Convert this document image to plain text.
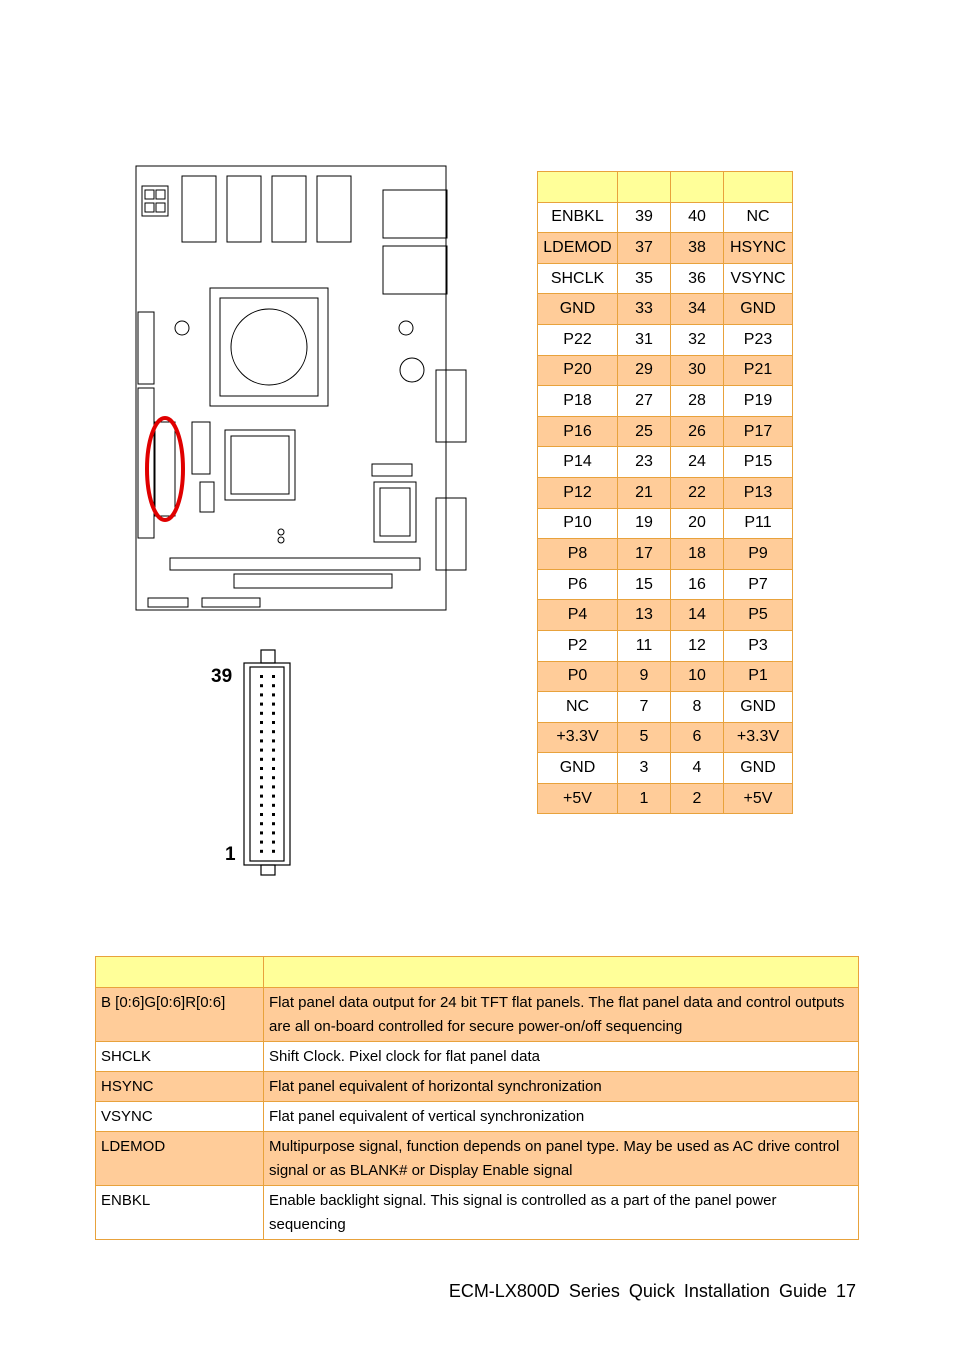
39
1

ENBKL	39	40	NC
LDEMOD	37	38	HSYNC
SHCLK	35	36	VSYNC
GND	33	34	GND
P22	31	32	P23
P20	29	30	P21
P18	27	28	P19
P16	25	26	P17
P14	23	24	P15
P12	21	22	P13
P10	19	20	P11
P8	17	18	P9
P6	15	16	P7
P4	13	14	P5
P2	11	12	P3
P0	9	10	P1
NC	7	8	GND
+3.3V	5	6	+3.3V
GND	3	4	GND
+5V	1	2	+5V

B [0:6]G[0:6]R[0:6]	Flat panel data output for 24 bit TFT flat panels. The flat panel data and control outputs are all on-board controlled for secure power-on/off sequencing
SHCLK	Shift Clock. Pixel clock for flat panel data
HSYNC	Flat panel equivalent of horizontal synchronization
VSYNC	Flat panel equivalent of vertical synchronization
LDEMOD	Multipurpose signal, function depends on panel type. May be used as AC drive control signal or as BLANK# or Display Enable signal
ENBKL	Enable backlight signal. This signal is controlled as a part of the panel power sequencing
ECM-LX800D Series Quick Installation Guide 17
